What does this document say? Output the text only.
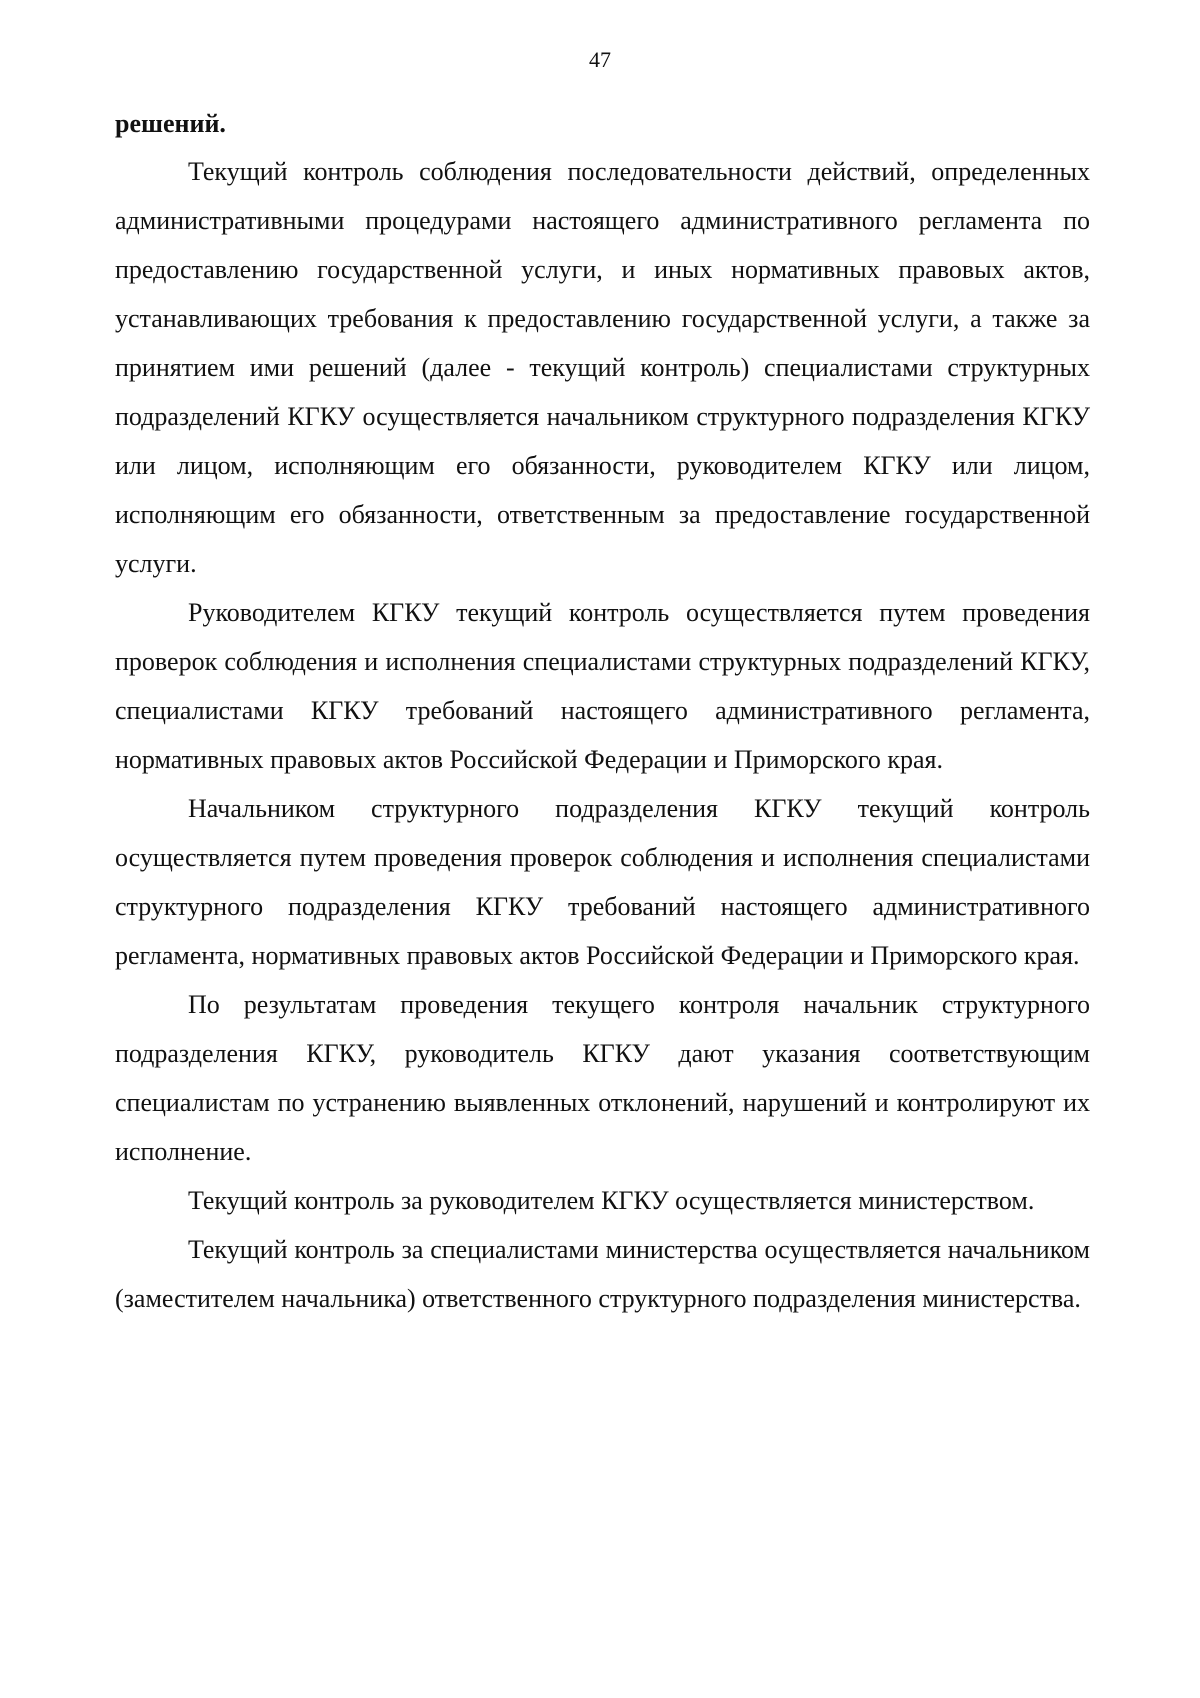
47
решений.

Текущий контроль соблюдения последовательности действий, определенных административными процедурами настоящего административного регламента по предоставлению государственной услуги, и иных нормативных правовых актов, устанавливающих требования к предоставлению государственной услуги, а также за принятием ими решений (далее - текущий контроль) специалистами структурных подразделений КГКУ осуществляется начальником структурного подразделения КГКУ или лицом, исполняющим его обязанности, руководителем КГКУ или лицом, исполняющим его обязанности, ответственным за предоставление государственной услуги.

Руководителем КГКУ текущий контроль осуществляется путем проведения проверок соблюдения и исполнения специалистами структурных подразделений КГКУ, специалистами КГКУ требований настоящего административного регламента, нормативных правовых актов Российской Федерации и Приморского края.

Начальником структурного подразделения КГКУ текущий контроль осуществляется путем проведения проверок соблюдения и исполнения специалистами структурного подразделения КГКУ требований настоящего административного регламента, нормативных правовых актов Российской Федерации и Приморского края.

По результатам проведения текущего контроля начальник структурного подразделения КГКУ, руководитель КГКУ дают указания соответствующим специалистам по устранению выявленных отклонений, нарушений и контролируют их исполнение.

Текущий контроль за руководителем КГКУ осуществляется министерством.

Текущий контроль за специалистами министерства осуществляется начальником (заместителем начальника) ответственного структурного подразделения министерства.
